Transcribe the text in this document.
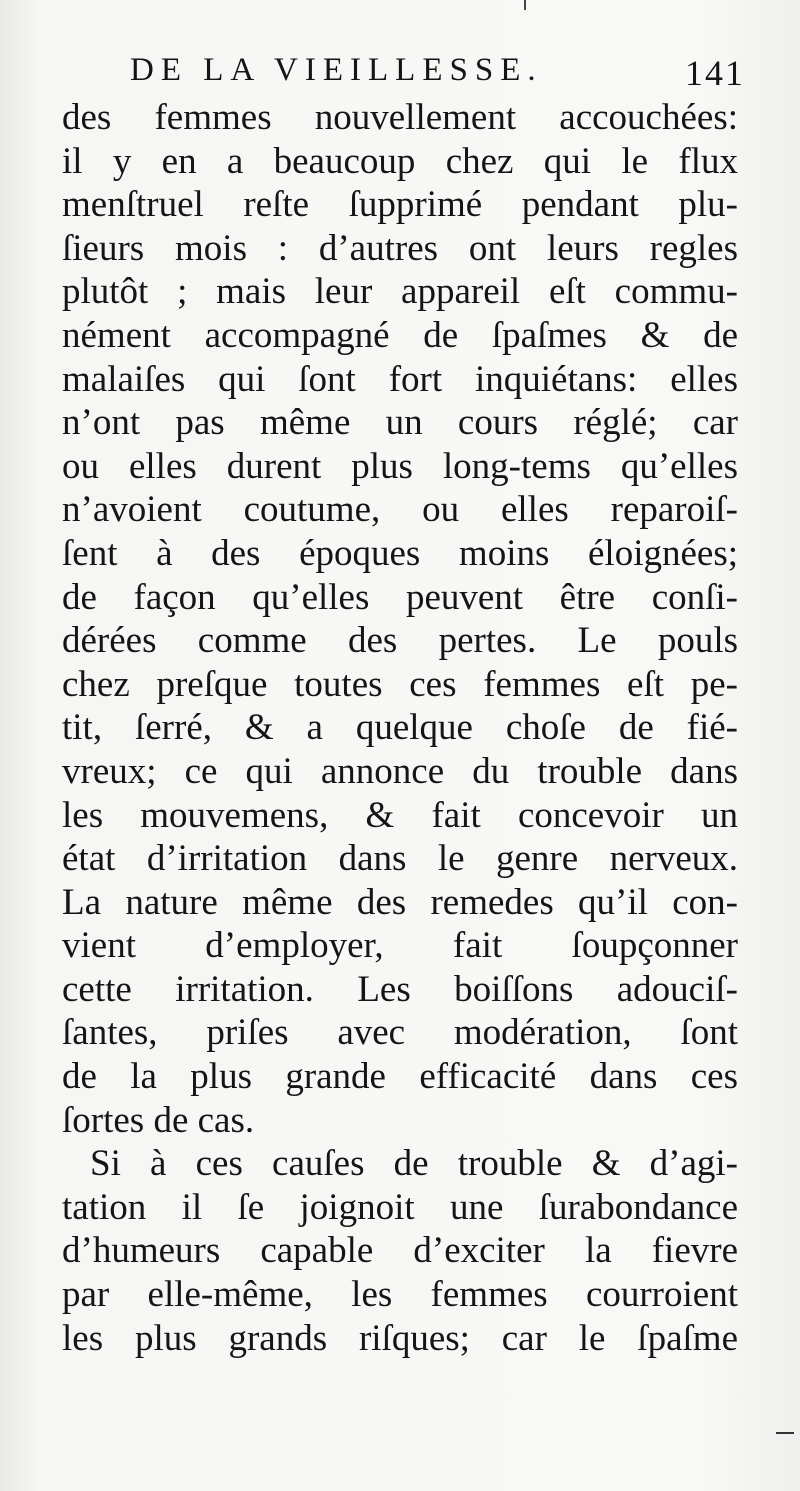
DE LA VIEILLESSE.	141
des femmes nouvellement accouchées:
il y en a beaucoup chez qui le flux
menſtruel reſte ſupprimé pendant plu-
ſieurs mois : d’autres ont leurs regles
plutôt ; mais leur appareil eſt commu-
nément accompagné de ſpaſmes & de
malaiſes qui ſont fort inquiétans: elles
n’ont pas même un cours réglé; car
ou elles durent plus long-tems qu’elles
n’avoient coutume, ou elles reparoiſ-
ſent à des époques moins éloignées;
de façon qu’elles peuvent être conſi-
dérées comme des pertes. Le pouls
chez preſque toutes ces femmes eſt pe-
tit, ſerré, & a quelque choſe de fié-
vreux; ce qui annonce du trouble dans
les mouvemens, & fait concevoir un
état d’irritation dans le genre nerveux.
La nature même des remedes qu’il con-
vient d’employer, fait ſoupçonner
cette irritation. Les boiſſons adouciſ-
ſantes, priſes avec modération, ſont
de la plus grande efficacité dans ces
ſortes de cas.
Si à ces cauſes de trouble & d’agi-
tation il ſe joignoit une ſurabondance
d’humeurs capable d’exciter la fievre
par elle-même, les femmes courroient
les plus grands riſques; car le ſpaſme
